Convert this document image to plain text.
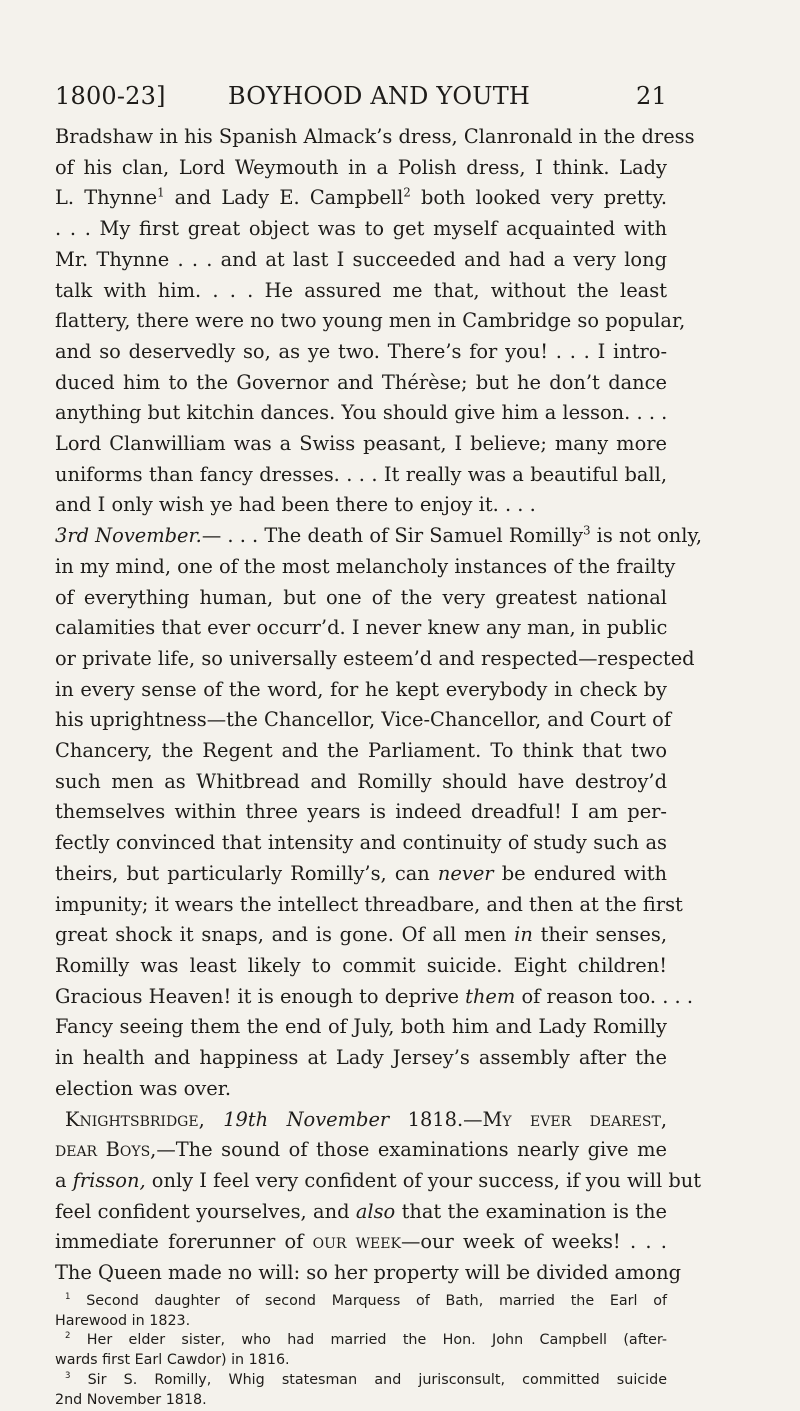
1800-23]	BOYHOOD AND YOUTH	21
Bradshaw in his Spanish Almack’s dress, Clanronald in the dress
of his clan, Lord Weymouth in a Polish dress, I think. Lady
L. Thynne$^1$ and Lady E. Campbell$^2$ both looked very pretty.
. . . My first great object was to get myself acquainted with
Mr. Thynne . . . and at last I succeeded and had a very long
talk with him. . . . He assured me that, without the least
flattery, there were no two young men in Cambridge so popular,
and so deservedly so, as ye two. There’s for you! . . . I intro-
duced him to the Governor and Thérèse; but he don’t dance
anything but kitchin dances. You should give him a lesson. . . .
Lord Clanwilliam was a Swiss peasant, I believe; many more
uniforms than fancy dresses. . . . It really was a beautiful ball,
and I only wish ye had been there to enjoy it. . . .
3rd November.— . . . The death of Sir Samuel Romilly$^3$ is not only,
in my mind, one of the most melancholy instances of the frailty
of everything human, but one of the very greatest national
calamities that ever occurr’d. I never knew any man, in public
or private life, so universally esteem’d and respected—respected
in every sense of the word, for he kept everybody in check by
his uprightness—the Chancellor, Vice-Chancellor, and Court of
Chancery, the Regent and the Parliament. To think that two
such men as Whitbread and Romilly should have destroy’d
themselves within three years is indeed dreadful! I am per-
fectly convinced that intensity and continuity of study such as
theirs, but particularly Romilly’s, can never be endured with
impunity; it wears the intellect threadbare, and then at the first
great shock it snaps, and is gone. Of all men in their senses,
Romilly was least likely to commit suicide. Eight children!
Gracious Heaven! it is enough to deprive them of reason too. . . .
Fancy seeing them the end of July, both him and Lady Romilly
in health and happiness at Lady Jersey’s assembly after the
election was over.
Knightsbridge, 19th November 1818.—My ever dearest,
dear Boys,—The sound of those examinations nearly give me
a frisson, only I feel very confident of your success, if you will but
feel confident yourselves, and also that the examination is the
immediate forerunner of our week—our week of weeks! . . .
The Queen made no will: so her property will be divided among
$^1$ Second daughter of second Marquess of Bath, married the Earl of
Harewood in 1823.
$^2$ Her elder sister, who had married the Hon. John Campbell (after-
wards first Earl Cawdor) in 1816.
$^3$ Sir S. Romilly, Whig statesman and jurisconsult, committed suicide
2nd November 1818.
